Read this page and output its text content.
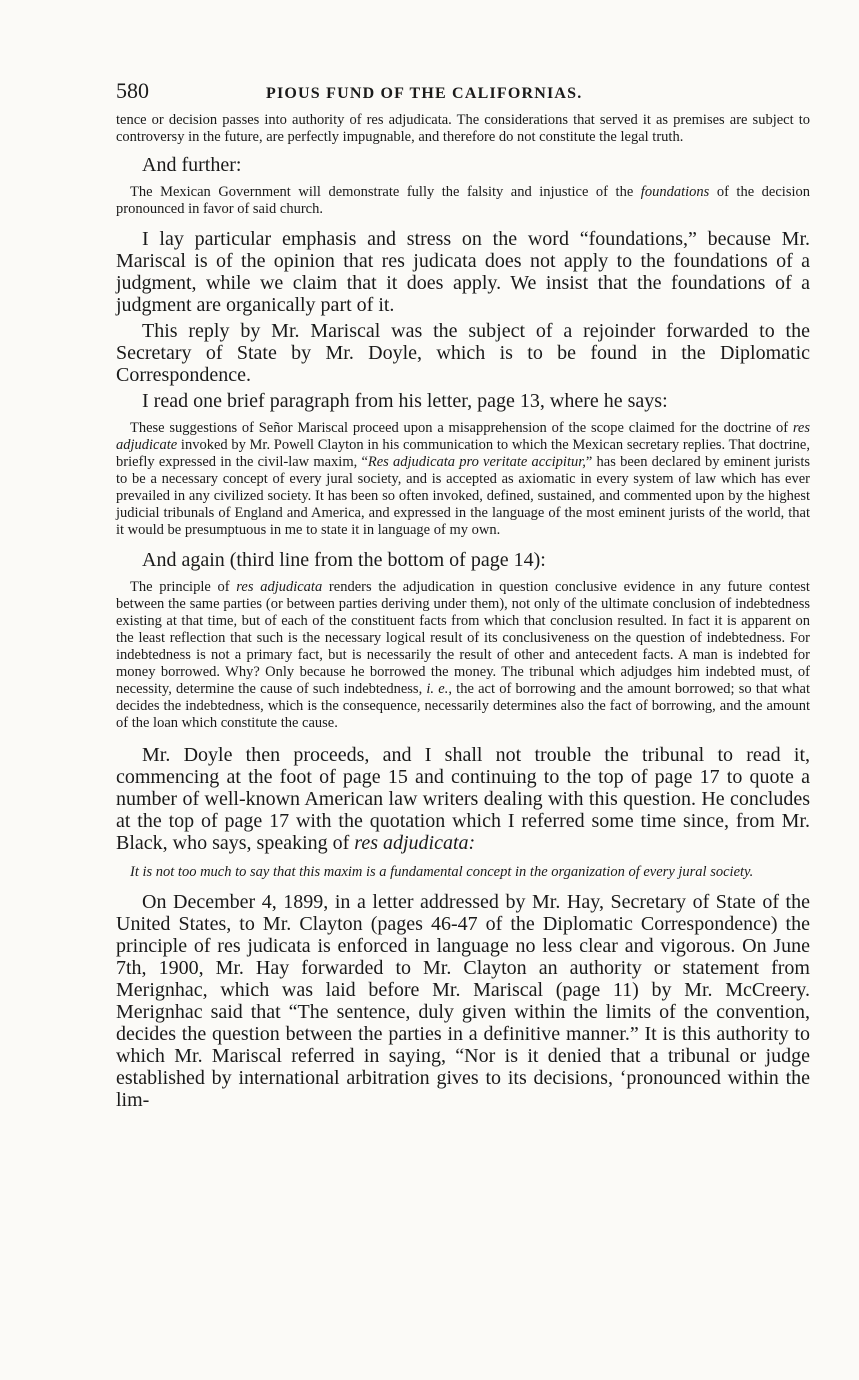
580	PIOUS FUND OF THE CALIFORNIAS.

tence or decision passes into authority of res adjudicata. The considerations that served it as premises are subject to controversy in the future, are perfectly impugnable, and therefore do not constitute the legal truth.

And further:

The Mexican Government will demonstrate fully the falsity and injustice of the foundations of the decision pronounced in favor of said church.

I lay particular emphasis and stress on the word “foundations,” because Mr. Mariscal is of the opinion that res judicata does not apply to the foundations of a judgment, while we claim that it does apply. We insist that the foundations of a judgment are organically part of it.

This reply by Mr. Mariscal was the subject of a rejoinder forwarded to the Secretary of State by Mr. Doyle, which is to be found in the Diplomatic Correspondence.

I read one brief paragraph from his letter, page 13, where he says:

These suggestions of Señor Mariscal proceed upon a misapprehension of the scope claimed for the doctrine of res adjudicate invoked by Mr. Powell Clayton in his communication to which the Mexican secretary replies. That doctrine, briefly expressed in the civil-law maxim, “Res adjudicata pro veritate accipitur,” has been declared by eminent jurists to be a necessary concept of every jural society, and is accepted as axiomatic in every system of law which has ever prevailed in any civilized society. It has been so often invoked, defined, sustained, and commented upon by the highest judicial tribunals of England and America, and expressed in the language of the most eminent jurists of the world, that it would be presumptuous in me to state it in language of my own.

And again (third line from the bottom of page 14):

The principle of res adjudicata renders the adjudication in question conclusive evidence in any future contest between the same parties (or between parties deriving under them), not only of the ultimate conclusion of indebtedness existing at that time, but of each of the constituent facts from which that conclusion resulted. In fact it is apparent on the least reflection that such is the necessary logical result of its conclusiveness on the question of indebtedness. For indebtedness is not a primary fact, but is necessarily the result of other and antecedent facts. A man is indebted for money borrowed. Why? Only because he borrowed the money. The tribunal which adjudges him indebted must, of necessity, determine the cause of such indebtedness, i. e., the act of borrowing and the amount borrowed; so that what decides the indebtedness, which is the consequence, necessarily determines also the fact of borrowing, and the amount of the loan which constitute the cause.

Mr. Doyle then proceeds, and I shall not trouble the tribunal to read it, commencing at the foot of page 15 and continuing to the top of page 17 to quote a number of well-known American law writers dealing with this question. He concludes at the top of page 17 with the quotation which I referred some time since, from Mr. Black, who says, speaking of res adjudicata:

It is not too much to say that this maxim is a fundamental concept in the organization of every jural society.

On December 4, 1899, in a letter addressed by Mr. Hay, Secretary of State of the United States, to Mr. Clayton (pages 46-47 of the Diplomatic Correspondence) the principle of res judicata is enforced in language no less clear and vigorous. On June 7th, 1900, Mr. Hay forwarded to Mr. Clayton an authority or statement from Merignhac, which was laid before Mr. Mariscal (page 11) by Mr. McCreery. Merignhac said that “The sentence, duly given within the limits of the convention, decides the question between the parties in a definitive manner.” It is this authority to which Mr. Mariscal referred in saying, “Nor is it denied that a tribunal or judge established by international arbitration gives to its decisions, ‘pronounced within the lim-
